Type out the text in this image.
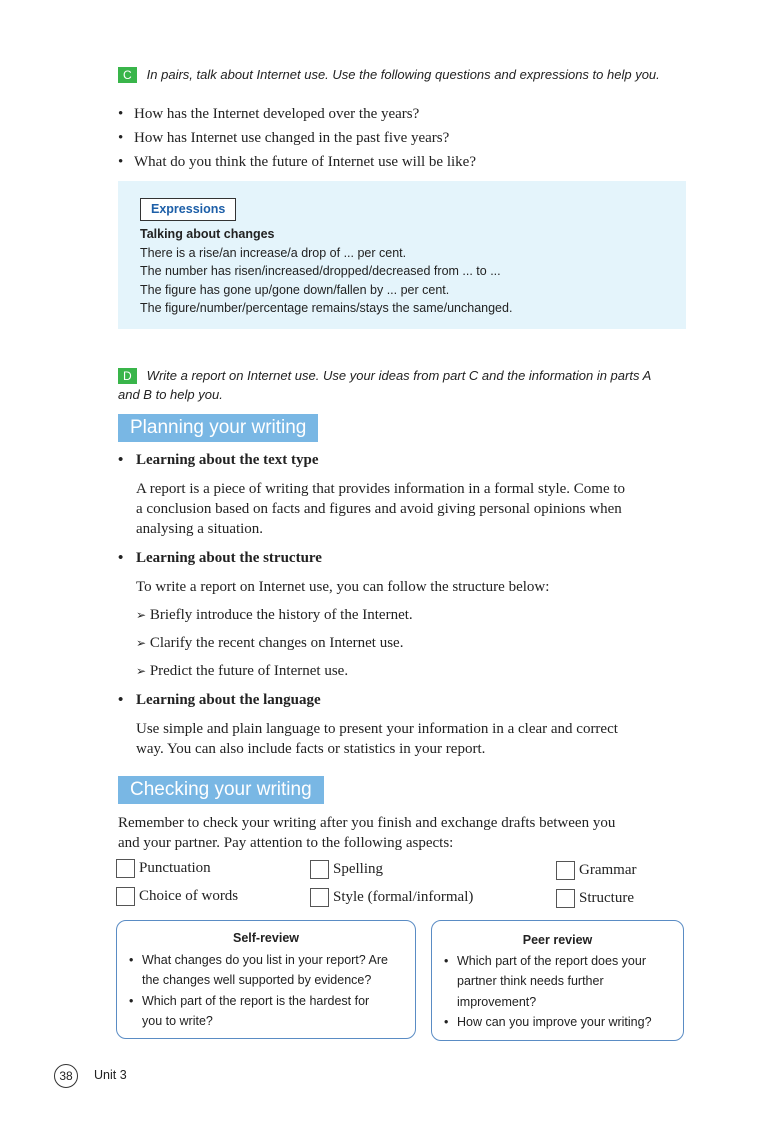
C In pairs, talk about Internet use. Use the following questions and expressions to help you.
• How has the Internet developed over the years?
• How has Internet use changed in the past five years?
• What do you think the future of Internet use will be like?
Expressions
Talking about changes
There is a rise/an increase/a drop of ... per cent.
The number has risen/increased/dropped/decreased from ... to ...
The figure has gone up/gone down/fallen by ... per cent.
The figure/number/percentage remains/stays the same/unchanged.
D Write a report on Internet use. Use your ideas from part C and the information in parts A
and B to help you.
Planning your writing
• Learning about the text type
A report is a piece of writing that provides information in a formal style. Come to
a conclusion based on facts and figures and avoid giving personal opinions when
analysing a situation.
• Learning about the structure
To write a report on Internet use, you can follow the structure below:
➢ Briefly introduce the history of the Internet.
➢ Clarify the recent changes on Internet use.
➢ Predict the future of Internet use.
• Learning about the language
Use simple and plain language to present your information in a clear and correct
way. You can also include facts or statistics in your report.
Checking your writing
Remember to check your writing after you finish and exchange drafts between you
and your partner. Pay attention to the following aspects:
Punctuation	Spelling	Grammar
Choice of words	Style (formal/informal)	Structure
Self-review
• What changes do you list in your report? Are
the changes well supported by evidence?
• Which part of the report is the hardest for
you to write?
Peer review
• Which part of the report does your
partner think needs further
improvement?
• How can you improve your writing?
38	Unit 3
